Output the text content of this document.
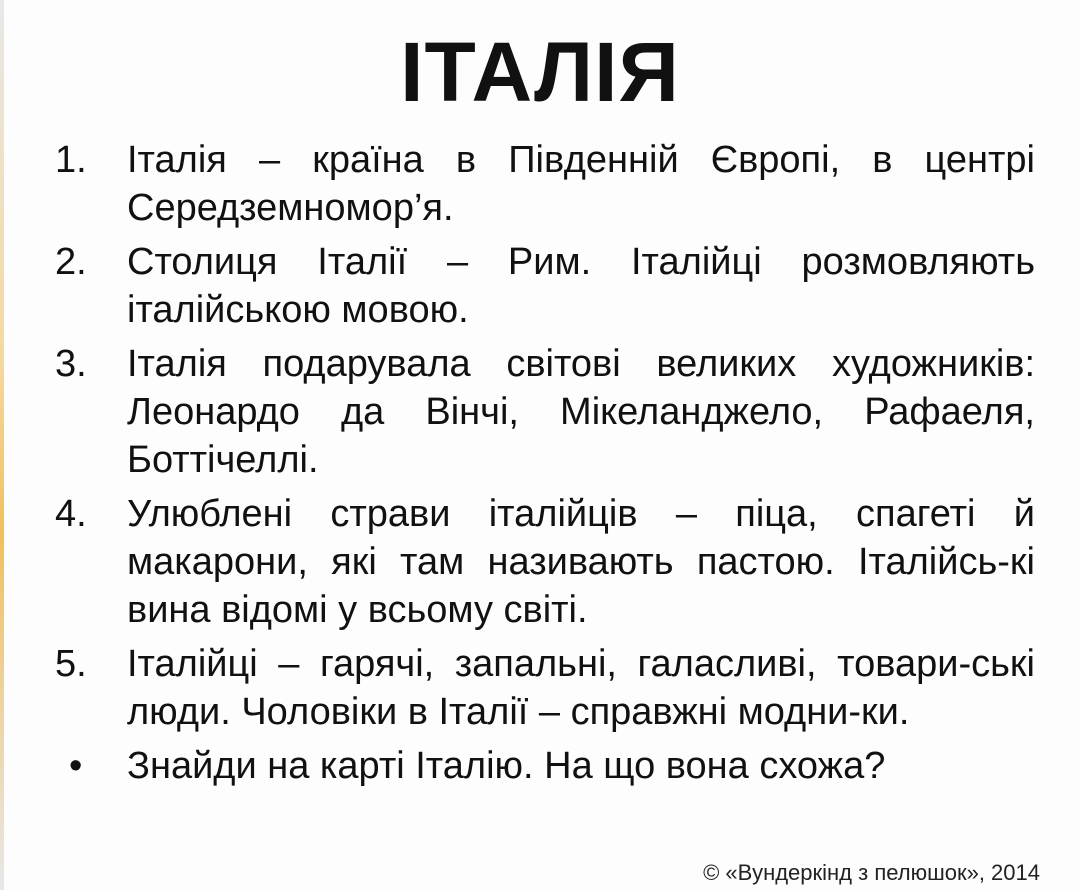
ІТАЛІЯ
1.	Італія – країна в Південній Європі, в центрі Середземномор’я.
2.	Столиця Італії – Рим. Італійці розмовляють італійською мовою.
3.	Італія подарувала світові великих художників: Леонардо да Вінчі, Мікеланджело, Рафаеля, Боттічеллі.
4.	Улюблені страви італійців – піца, спагеті й макарони, які там називають пастою. Італійсь-кі вина відомі у всьому світі.
5.	Італійці – гарячі, запальні, галасливі, товари-ські люди. Чоловіки в Італії – справжні модни-ки.
•	Знайди на карті Італію. На що вона схожа?
© «Вундеркінд з пелюшок», 2014
